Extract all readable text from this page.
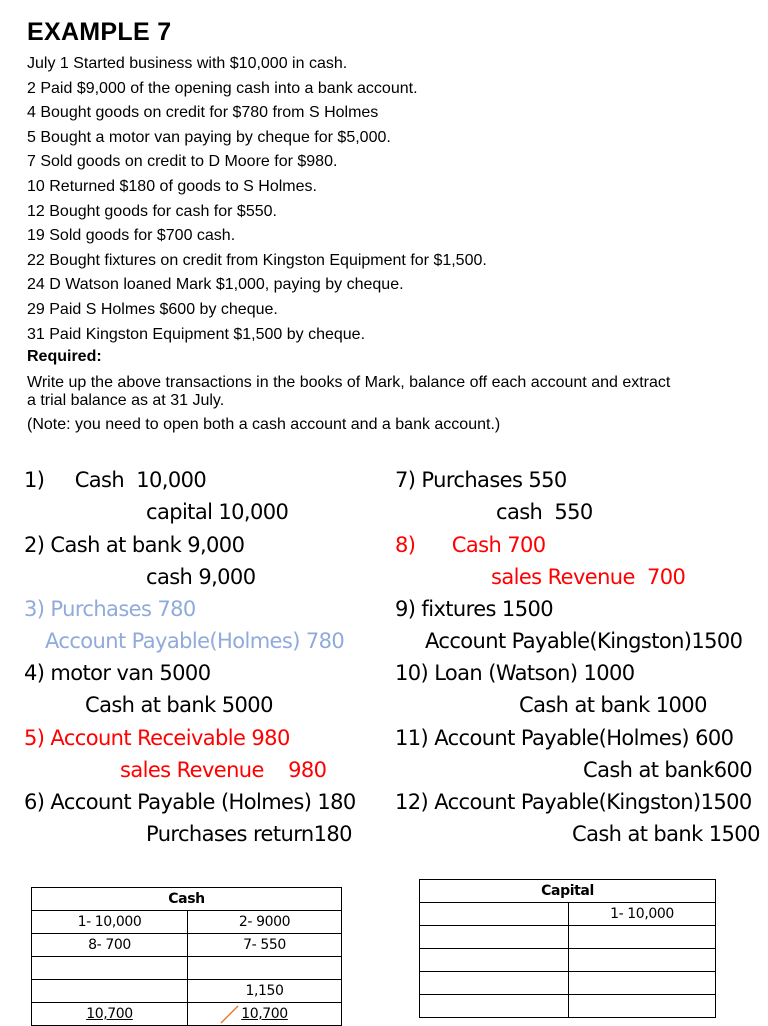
EXAMPLE 7
July 1 Started business with $10,000 in cash.
2 Paid $9,000 of the opening cash into a bank account.
4 Bought goods on credit for $780 from S Holmes
5 Bought a motor van paying by cheque for $5,000.
7 Sold goods on credit to D Moore for $980.
10 Returned $180 of goods to S Holmes.
12 Bought goods for cash for $550.
19 Sold goods for $700 cash.
22 Bought fixtures on credit from Kingston Equipment for $1,500.
24 D Watson loaned Mark $1,000, paying by cheque.
29 Paid S Holmes $600 by cheque.
31 Paid Kingston Equipment $1,500 by cheque.
Required:
Write up the above transactions in the books of Mark, balance off each account and extract a trial balance as at 31 July.
(Note: you need to open both a cash account and a bank account.)
1)     Cash  10,000
capital 10,000
2) Cash at bank 9,000
cash 9,000
3) Purchases 780
Account Payable(Holmes) 780
4) motor van 5000
Cash at bank 5000
5) Account Receivable 980
sales Revenue    980
6) Account Payable (Holmes) 180
Purchases return180
7) Purchases 550
cash  550
8)      Cash 700
sales Revenue  700
9) fixtures 1500
Account Payable(Kingston)1500
10) Loan (Watson) 1000
Cash at bank 1000
11) Account Payable(Holmes) 600
Cash at bank600
12) Account Payable(Kingston)1500
Cash at bank 1500
Cash	
1- 10,000	2- 9000
8- 700	7- 550

	1,150
10,700	10,700
Capital	
	1- 10,000
